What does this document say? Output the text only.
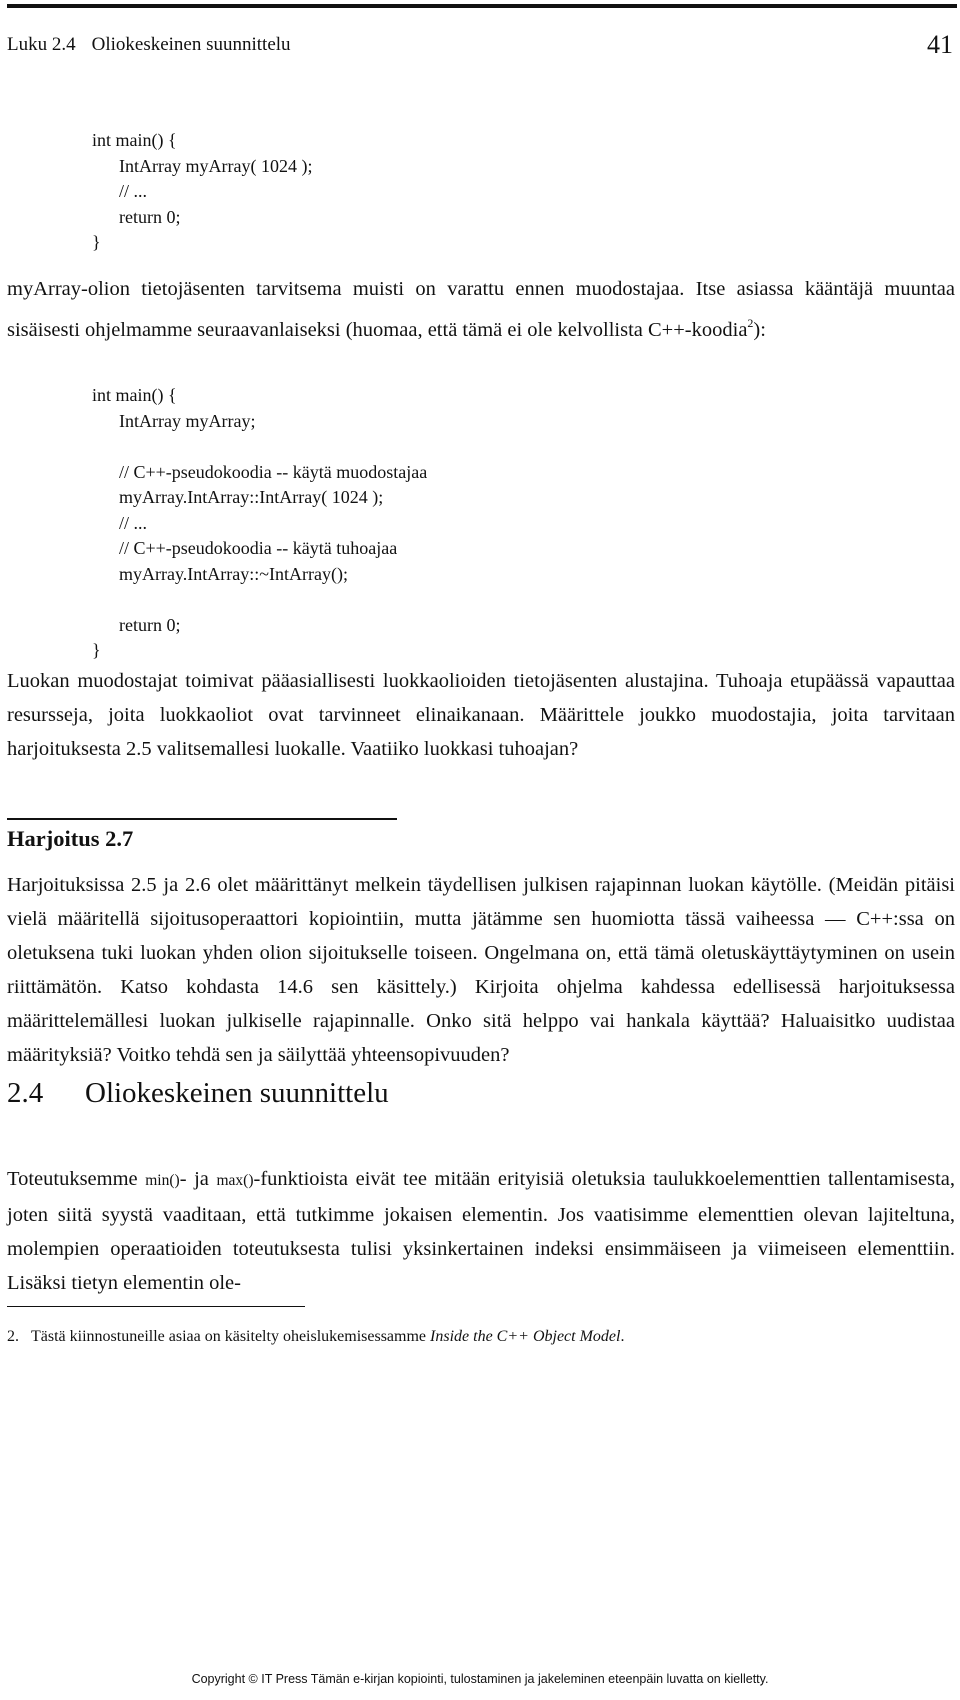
Luku 2.4 Oliokeskeinen suunnittelu	41
int main() {
IntArray myArray( 1024 );
// ...
return 0;
}

myArray-olion tietojäsenten tarvitsema muisti on varattu ennen muodostajaa. Itse asiassa kääntäjä muuntaa sisäisesti ohjelmamme seuraavanlaiseksi (huomaa, että tämä ei ole kelvollista C++-koodia$^2$):

int main() {
IntArray myArray;

// C++-pseudokoodia -- käytä muodostajaa
myArray.IntArray::IntArray( 1024 );
// ...
// C++-pseudokoodia -- käytä tuhoajaa
myArray.IntArray::~IntArray();

return 0;
}

Luokan muodostajat toimivat pääasiallisesti luokkaolioiden tietojäsenten alustajina. Tuhoaja etupäässä vapauttaa resursseja, joita luokkaoliot ovat tarvinneet elinaikanaan. Määrittele joukko muodostajia, joita tarvitaan harjoituksesta 2.5 valitsemallesi luokalle. Vaatiiko luokkasi tuhoajan?

Harjoitus 2.7

Harjoituksissa 2.5 ja 2.6 olet määrittänyt melkein täydellisen julkisen rajapinnan luokan käytölle. (Meidän pitäisi vielä määritellä sijoitusoperaattori kopiointiin, mutta jätämme sen huomiotta tässä vaiheessa — C++:ssa on oletuksena tuki luokan yhden olion sijoitukselle toiseen. Ongelmana on, että tämä oletuskäyttäytyminen on usein riittämätön. Katso kohdasta 14.6 sen käsittely.) Kirjoita ohjelma kahdessa edellisessä harjoituksessa määrittelemällesi luokan julkiselle rajapinnalle. Onko sitä helppo vai hankala käyttää? Haluaisitko uudistaa määrityksiä? Voitko tehdä sen ja säilyttää yhteensopivuuden?

2.4 Oliokeskeinen suunnittelu

Toteutuksemme min()- ja max()-funktioista eivät tee mitään erityisiä oletuksia taulukkoelementtien tallentamisesta, joten siitä syystä vaaditaan, että tutkimme jokaisen elementin. Jos vaatisimme elementtien olevan lajiteltuna, molempien operaatioiden toteutuksesta tulisi yksinkertainen indeksi ensimmäiseen ja viimeiseen elementtiin. Lisäksi tietyn elementin ole-

2. Tästä kiinnostuneille asiaa on käsitelty oheislukemisessamme Inside the C++ Object Model.

Copyright © IT Press Tämän e-kirjan kopiointi, tulostaminen ja jakeleminen eteenpäin luvatta on kielletty.
